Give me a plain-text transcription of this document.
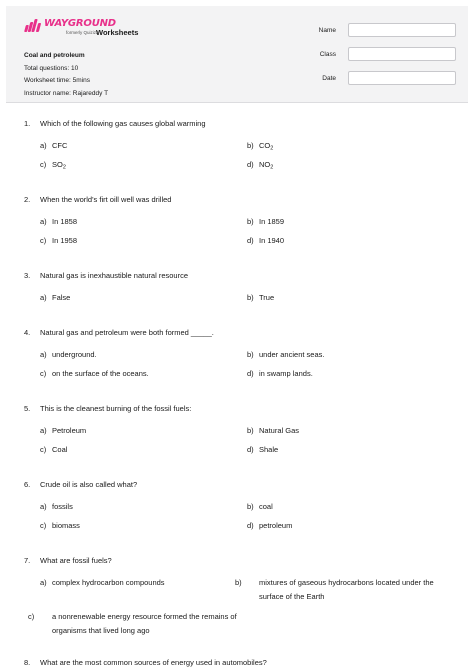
WAYGROUND
formerly Quizizz
Worksheets
Coal and petroleum
Total questions: 10
Worksheet time: 5mins
Instructor name: Rajareddy T
Name
Class
Date
1.	Which of the following gas causes global warming
a) CFC	b) $CO_2$
c) $SO_2$	d) $NO_2$
2.	When the world's firt oill well was drilled
a) In 1858	b) In 1859
c) In 1958	d) In 1940
3.	Natural gas is inexhaustible natural resource
a) False	b) True
4.	Natural gas and petroleum were both formed _____.
a) underground.	b) under ancient seas.
c) on the surface of the oceans.	d) in swamp lands.
5.	This is the cleanest burning of the fossil fuels:
a) Petroleum	b) Natural Gas
c) Coal	d) Shale
6.	Crude oil is also called what?
a) fossils	b) coal
c) biomass	d) petroleum
7.	What are fossil fuels?
a) complex hydrocarbon compounds	b) mixtures of gaseous hydrocarbons located under the surface of the Earth
c) a nonrenewable energy resource formed the remains of organisms that lived long ago
8.	What are the most common sources of energy used in automobiles?
